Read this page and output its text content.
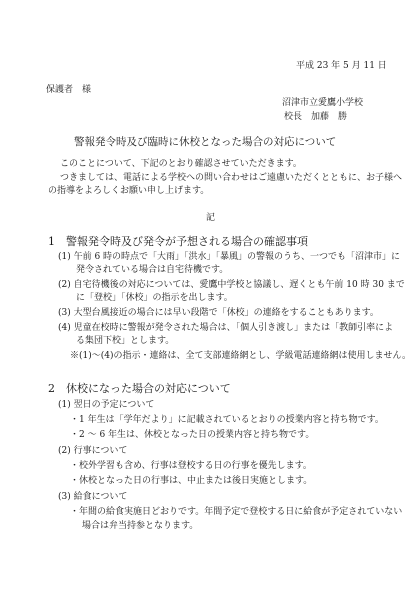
平成 23 年 5 月 11 日
保護者　様
沼津市立愛鷹小学校
校長　加藤　勝
警報発令時及び臨時に休校となった場合の対応について
このことについて、下記のとおり確認させていただきます。
つきましては、電話による学校への問い合わせはご遠慮いただくとともに、お子様へ
の指導をよろしくお願い申し上げます。
記
1　警報発令時及び発令が予想される場合の確認事項
(1) 午前 6 時の時点で「大雨」「洪水」「暴風」の警報のうち、一つでも「沼津市」に
発令されている場合は自宅待機です。
(2) 自宅待機後の対応については、愛鷹中学校と協議し、遅くとも午前 10 時 30 まで
に「登校」「休校」の指示を出します。
(3) 大型台風接近の場合には早い段階で「休校」の連絡をすることもあります。
(4) 児童在校時に警報が発令された場合は、「個人引き渡し」または「教師引率によ
る集団下校」とします。
※(1)～(4)の指示・連絡は、全て支部連絡網とし、学級電話連絡網は使用しません。
2　休校になった場合の対応について
(1) 翌日の予定について
・1 年生は「学年だより」に記載されているとおりの授業内容と持ち物です。
・2 ～ 6 年生は、休校となった日の授業内容と持ち物です。
(2) 行事について
・校外学習も含め、行事は登校する日の行事を優先します。
・休校となった日の行事は、中止または後日実施とします。
(3) 給食について
・年間の給食実施日どおりです。年間予定で登校する日に給食が予定されていない
場合は弁当持参となります。
